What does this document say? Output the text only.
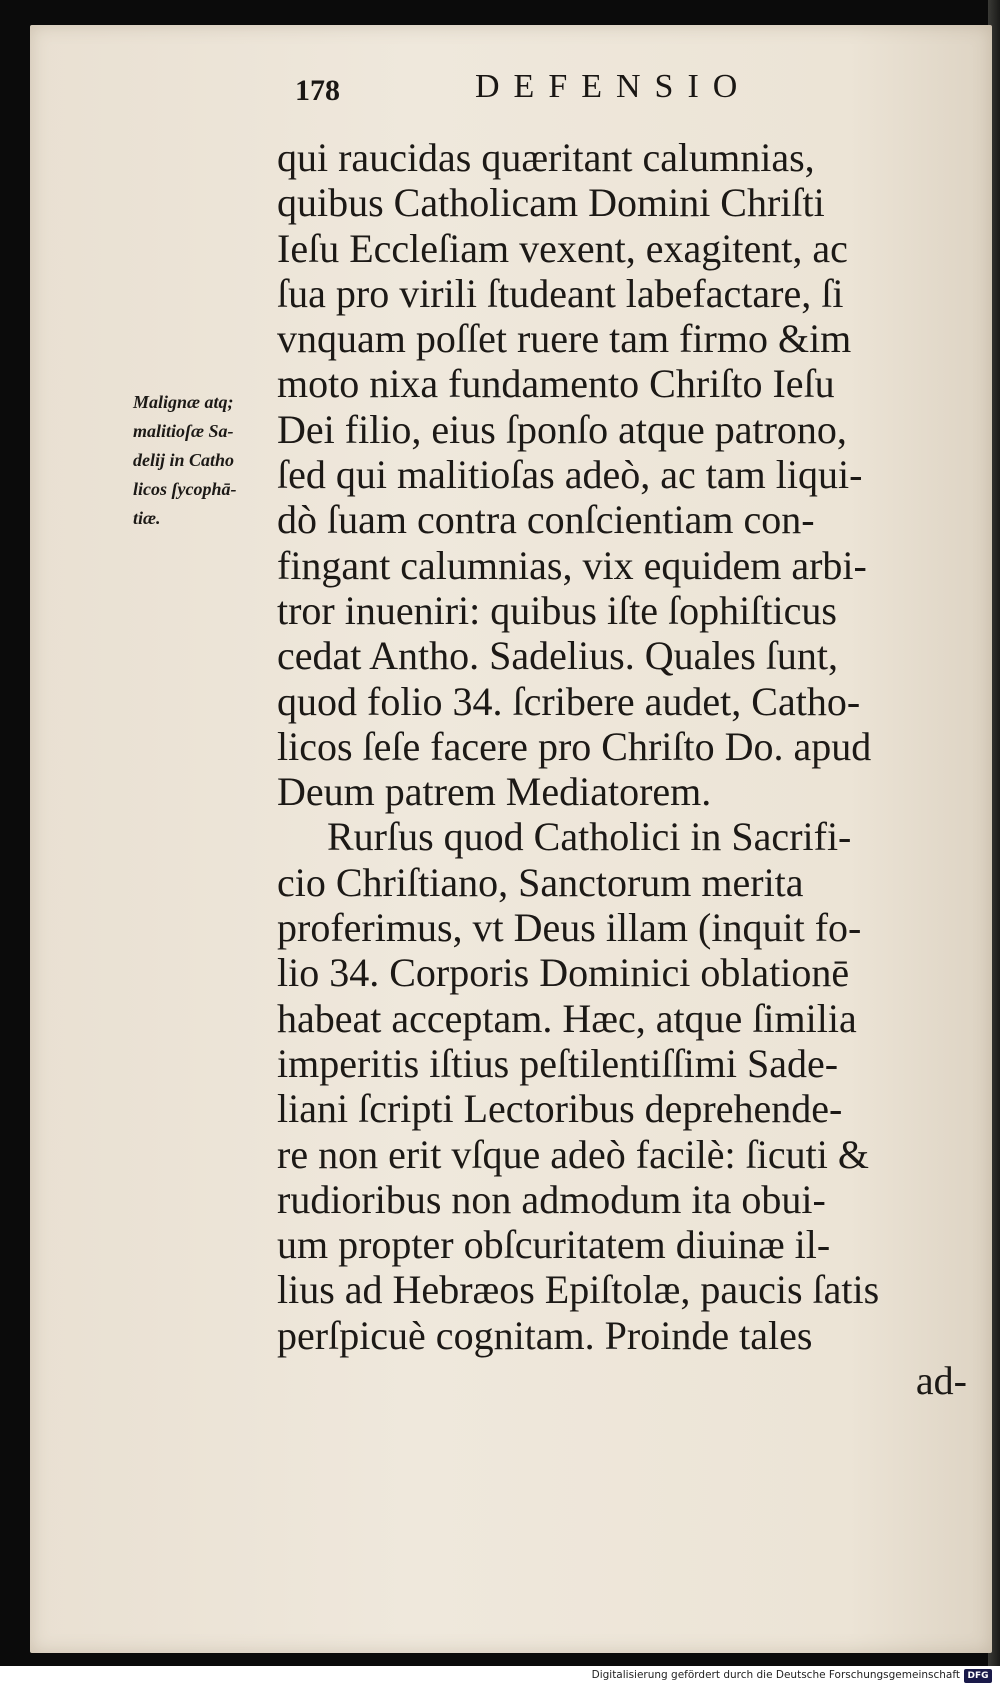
178	DEFENSIO
Malignæ atq;
malitioſæ Sa-
delij in Catho
licos ſycophā-
tiæ.
qui raucidas quæritant calumnias,
quibus Catholicam Domini Chriſti
Ieſu Eccleſiam vexent, exagitent, ac
ſua pro virili ſtudeant labefactare, ſi
vnquam poſſet ruere tam firmo &im
moto nixa fundamento Chriſto Ieſu
Dei filio, eius ſponſo atque patrono,
ſed qui malitioſas adeò, ac tam liqui-
dò ſuam contra conſcientiam con-
fingant calumnias, vix equidem arbi-
tror inueniri: quibus iſte ſophiſticus
cedat Antho. Sadelius. Quales ſunt,
quod folio 34. ſcribere audet, Catho-
licos ſeſe facere pro Chriſto Do. apud
Deum patrem Mediatorem.
Rurſus quod Catholici in Sacrifi-
cio Chriſtiano, Sanctorum merita
proferimus, vt Deus illam (inquit fo-
lio 34. Corporis Dominici oblationē
habeat acceptam. Hæc, atque ſimilia
imperitis iſtius peſtilentiſſimi Sade-
liani ſcripti Lectoribus deprehende-
re non erit vſque adeò facilè: ſicuti &
rudioribus non admodum ita obui-
um propter obſcuritatem diuinæ il-
lius ad Hebræos Epiſtolæ, paucis ſatis
perſpicuè cognitam. Proinde tales
ad-
Digitalisierung gefördert durch die Deutsche Forschungsgemeinschaft DFG
